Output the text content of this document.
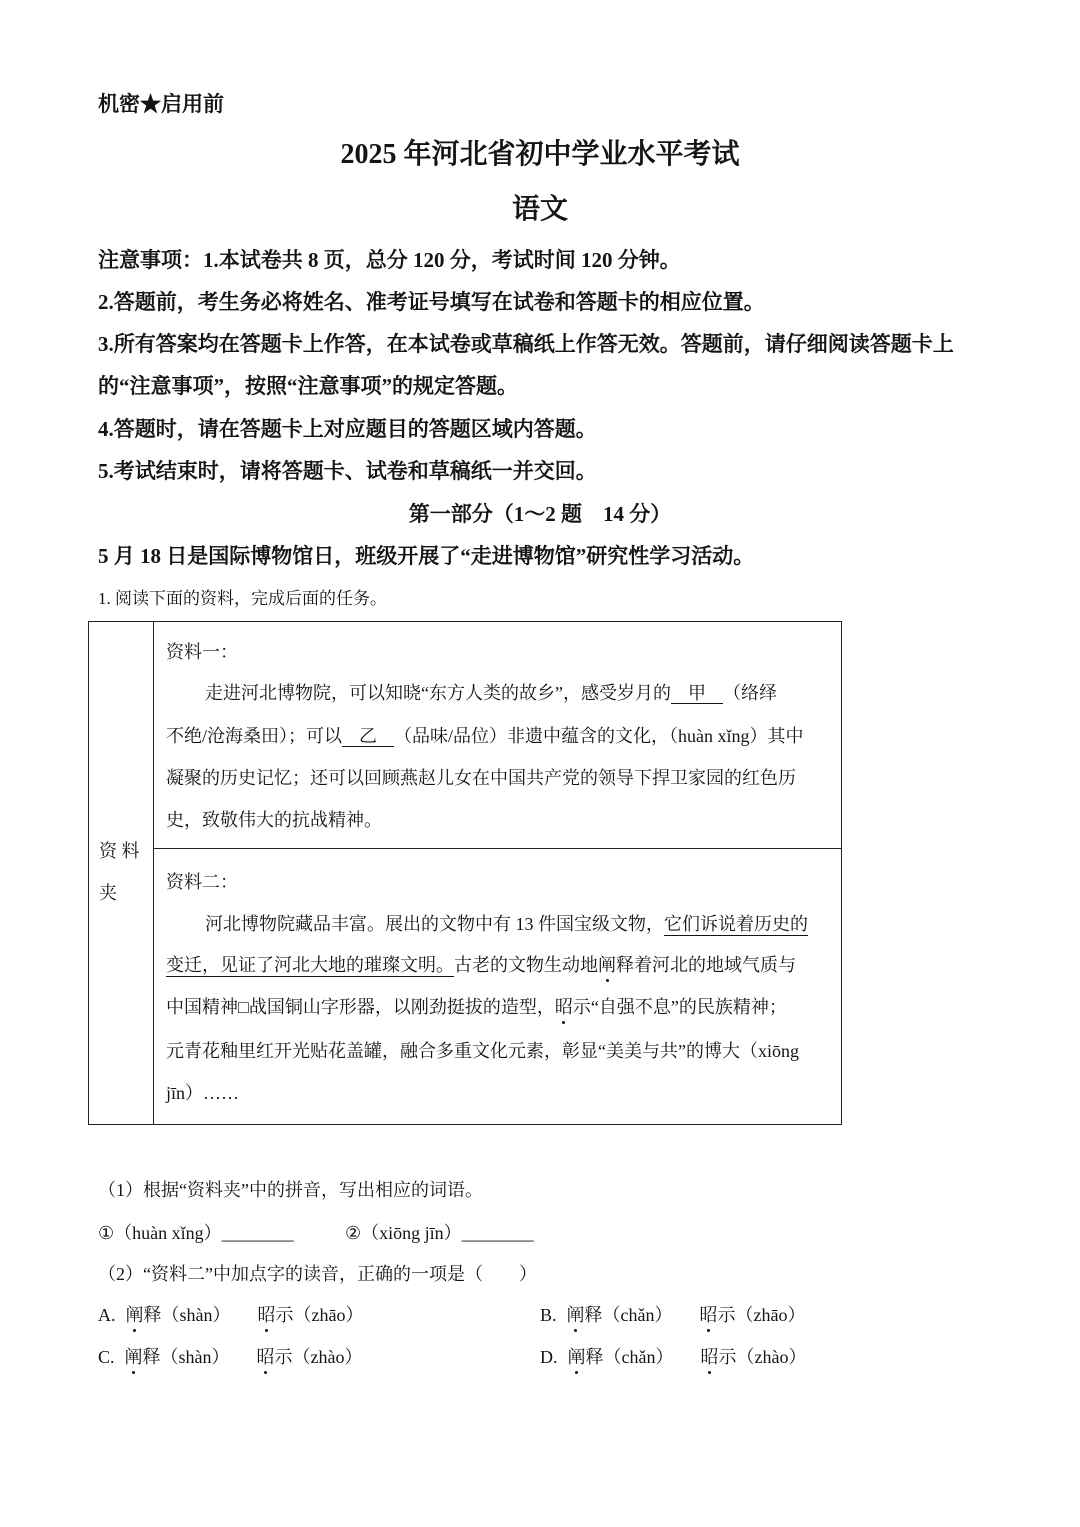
机密★启用前
2025 年河北省初中学业水平考试
语文
注意事项：1.本试卷共 8 页，总分 120 分，考试时间 120 分钟。
2.答题前，考生务必将姓名、准考证号填写在试卷和答题卡的相应位置。
3.所有答案均在答题卡上作答，在本试卷或草稿纸上作答无效。答题前，请仔细阅读答题卡上
的“注意事项”，按照“注意事项”的规定答题。
4.答题时，请在答题卡上对应题目的答题区域内答题。
5.考试结束时，请将答题卡、试卷和草稿纸一并交回。
第一部分（1～2 题　14 分）
5 月 18 日是国际博物馆日，班级开展了“走进博物馆”研究性学习活动。
1. 阅读下面的资料，完成后面的任务。
资 料
夹
资料一：
走进河北博物院，可以知晓“东方人类的故乡”，感受岁月的 甲 （络绎
不绝/沧海桑田）；可以 乙 （品味/品位）非遗中蕴含的文化，（huàn xǐng）其中
凝聚的历史记忆；还可以回顾燕赵儿女在中国共产党的领导下捍卫家园的红色历
史，致敬伟大的抗战精神。
资料二：
河北博物院藏品丰富。展出的文物中有 13 件国宝级文物，它们诉说着历史的
变迁，见证了河北大地的璀璨文明。古老的文物生动地阐释着河北的地域气质与
中国精神□战国铜山字形器，以刚劲挺拔的造型，昭示“自强不息”的民族精神；
元青花釉里红开光贴花盖罐，融合多重文化元素，彰显“美美与共”的博大（xiōng
jīn）……
（1）根据“资料夹”中的拼音，写出相应的词语。
①（huàn xǐng）________	②（xiōng jīn）________
（2）“资料二”中加点字的读音，正确的一项是（　　）
A. 阐 释 （shàn） 昭 示 （zhāo）	B. 阐 释 （chǎn） 昭 示 （zhāo）
C. 阐 释 （shàn） 昭 示 （zhào）	D. 阐 释 （chǎn） 昭 示 （zhào）
